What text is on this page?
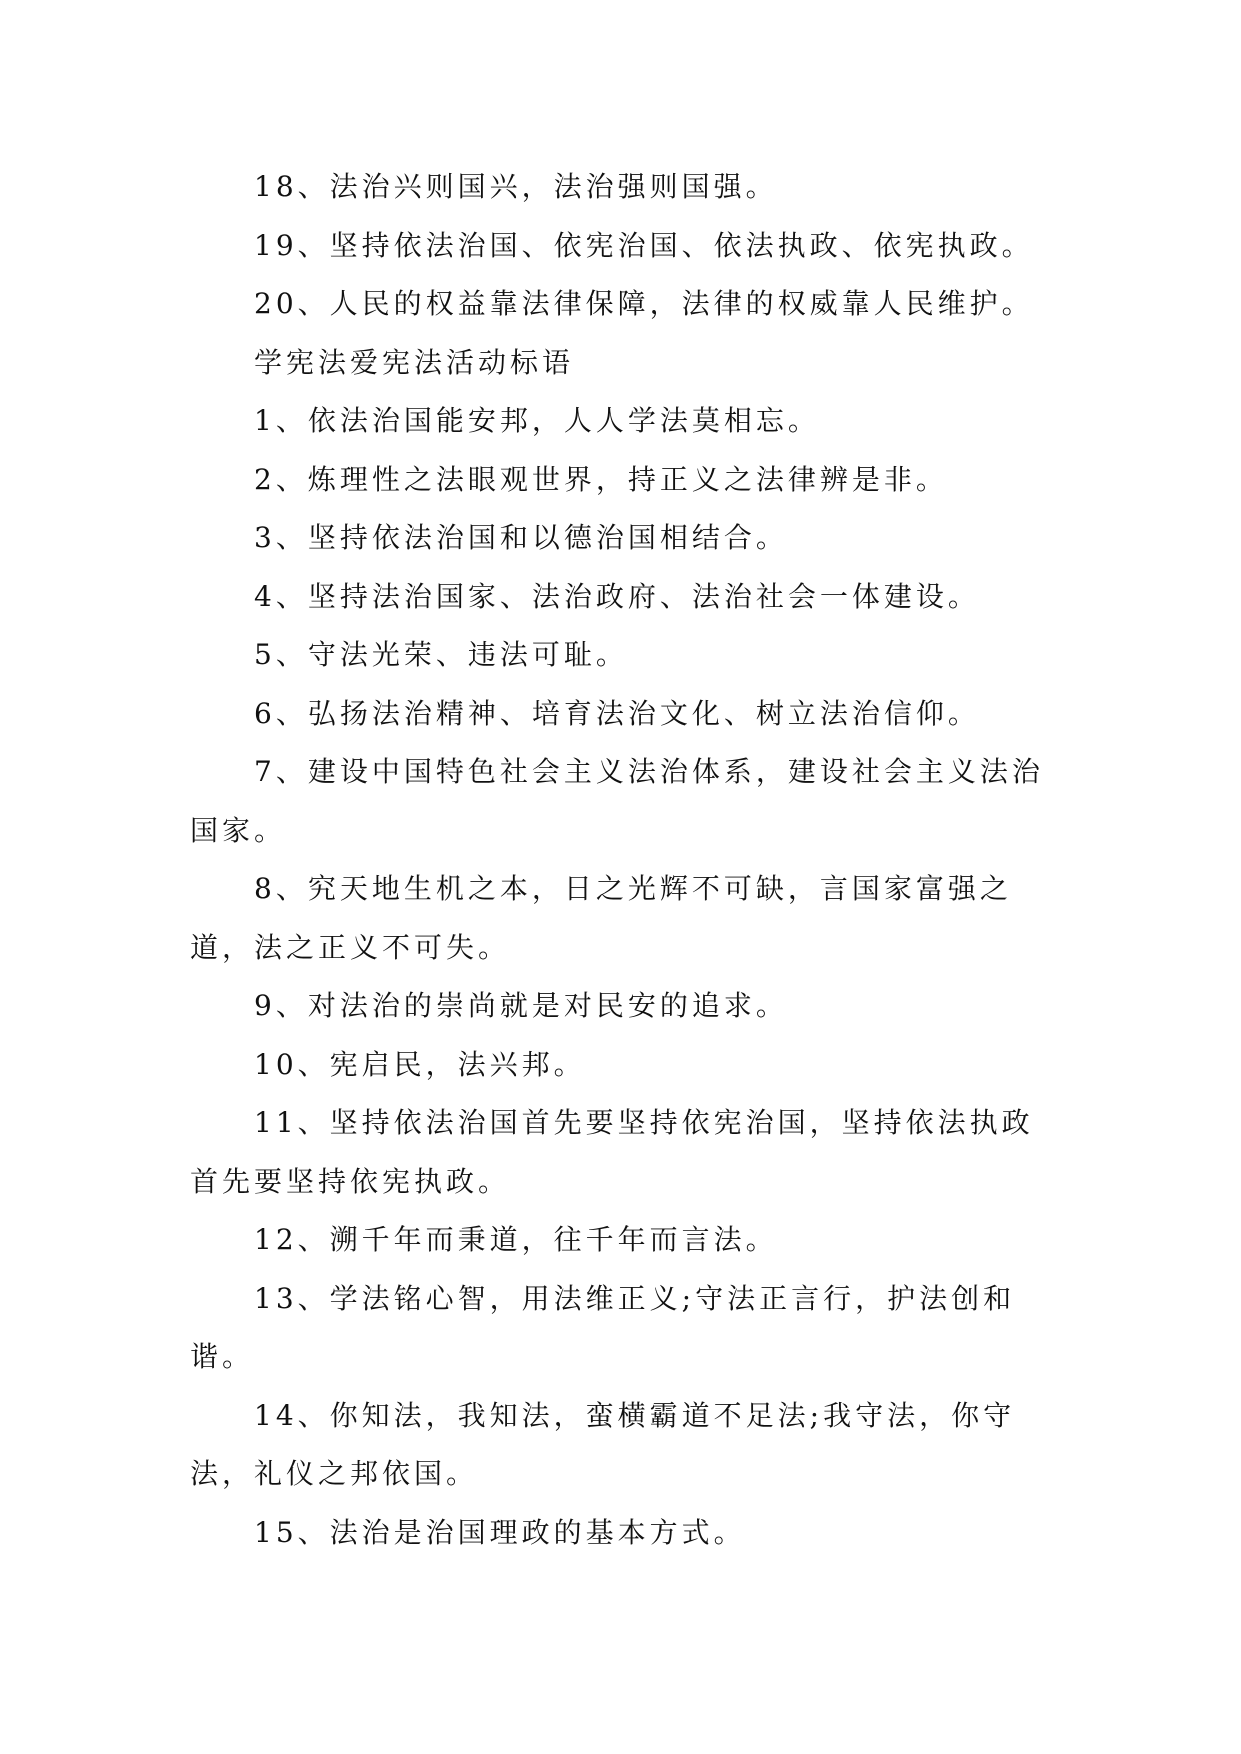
18、法治兴则国兴，法治强则国强。

19、坚持依法治国、依宪治国、依法执政、依宪执政。

20、人民的权益靠法律保障，法律的权威靠人民维护。

学宪法爱宪法活动标语

1、依法治国能安邦，人人学法莫相忘。

2、炼理性之法眼观世界，持正义之法律辨是非。

3、坚持依法治国和以德治国相结合。

4、坚持法治国家、法治政府、法治社会一体建设。

5、守法光荣、违法可耻。

6、弘扬法治精神、培育法治文化、树立法治信仰。

7、建设中国特色社会主义法治体系，建设社会主义法治国家。

8、究天地生机之本，日之光辉不可缺，言国家富强之道，法之正义不可失。

9、对法治的崇尚就是对民安的追求。

10、宪启民，法兴邦。

11、坚持依法治国首先要坚持依宪治国，坚持依法执政首先要坚持依宪执政。

12、溯千年而秉道，往千年而言法。

13、学法铭心智，用法维正义;守法正言行，护法创和谐。

14、你知法，我知法，蛮横霸道不足法;我守法，你守法，礼仪之邦依国。

15、法治是治国理政的基本方式。
